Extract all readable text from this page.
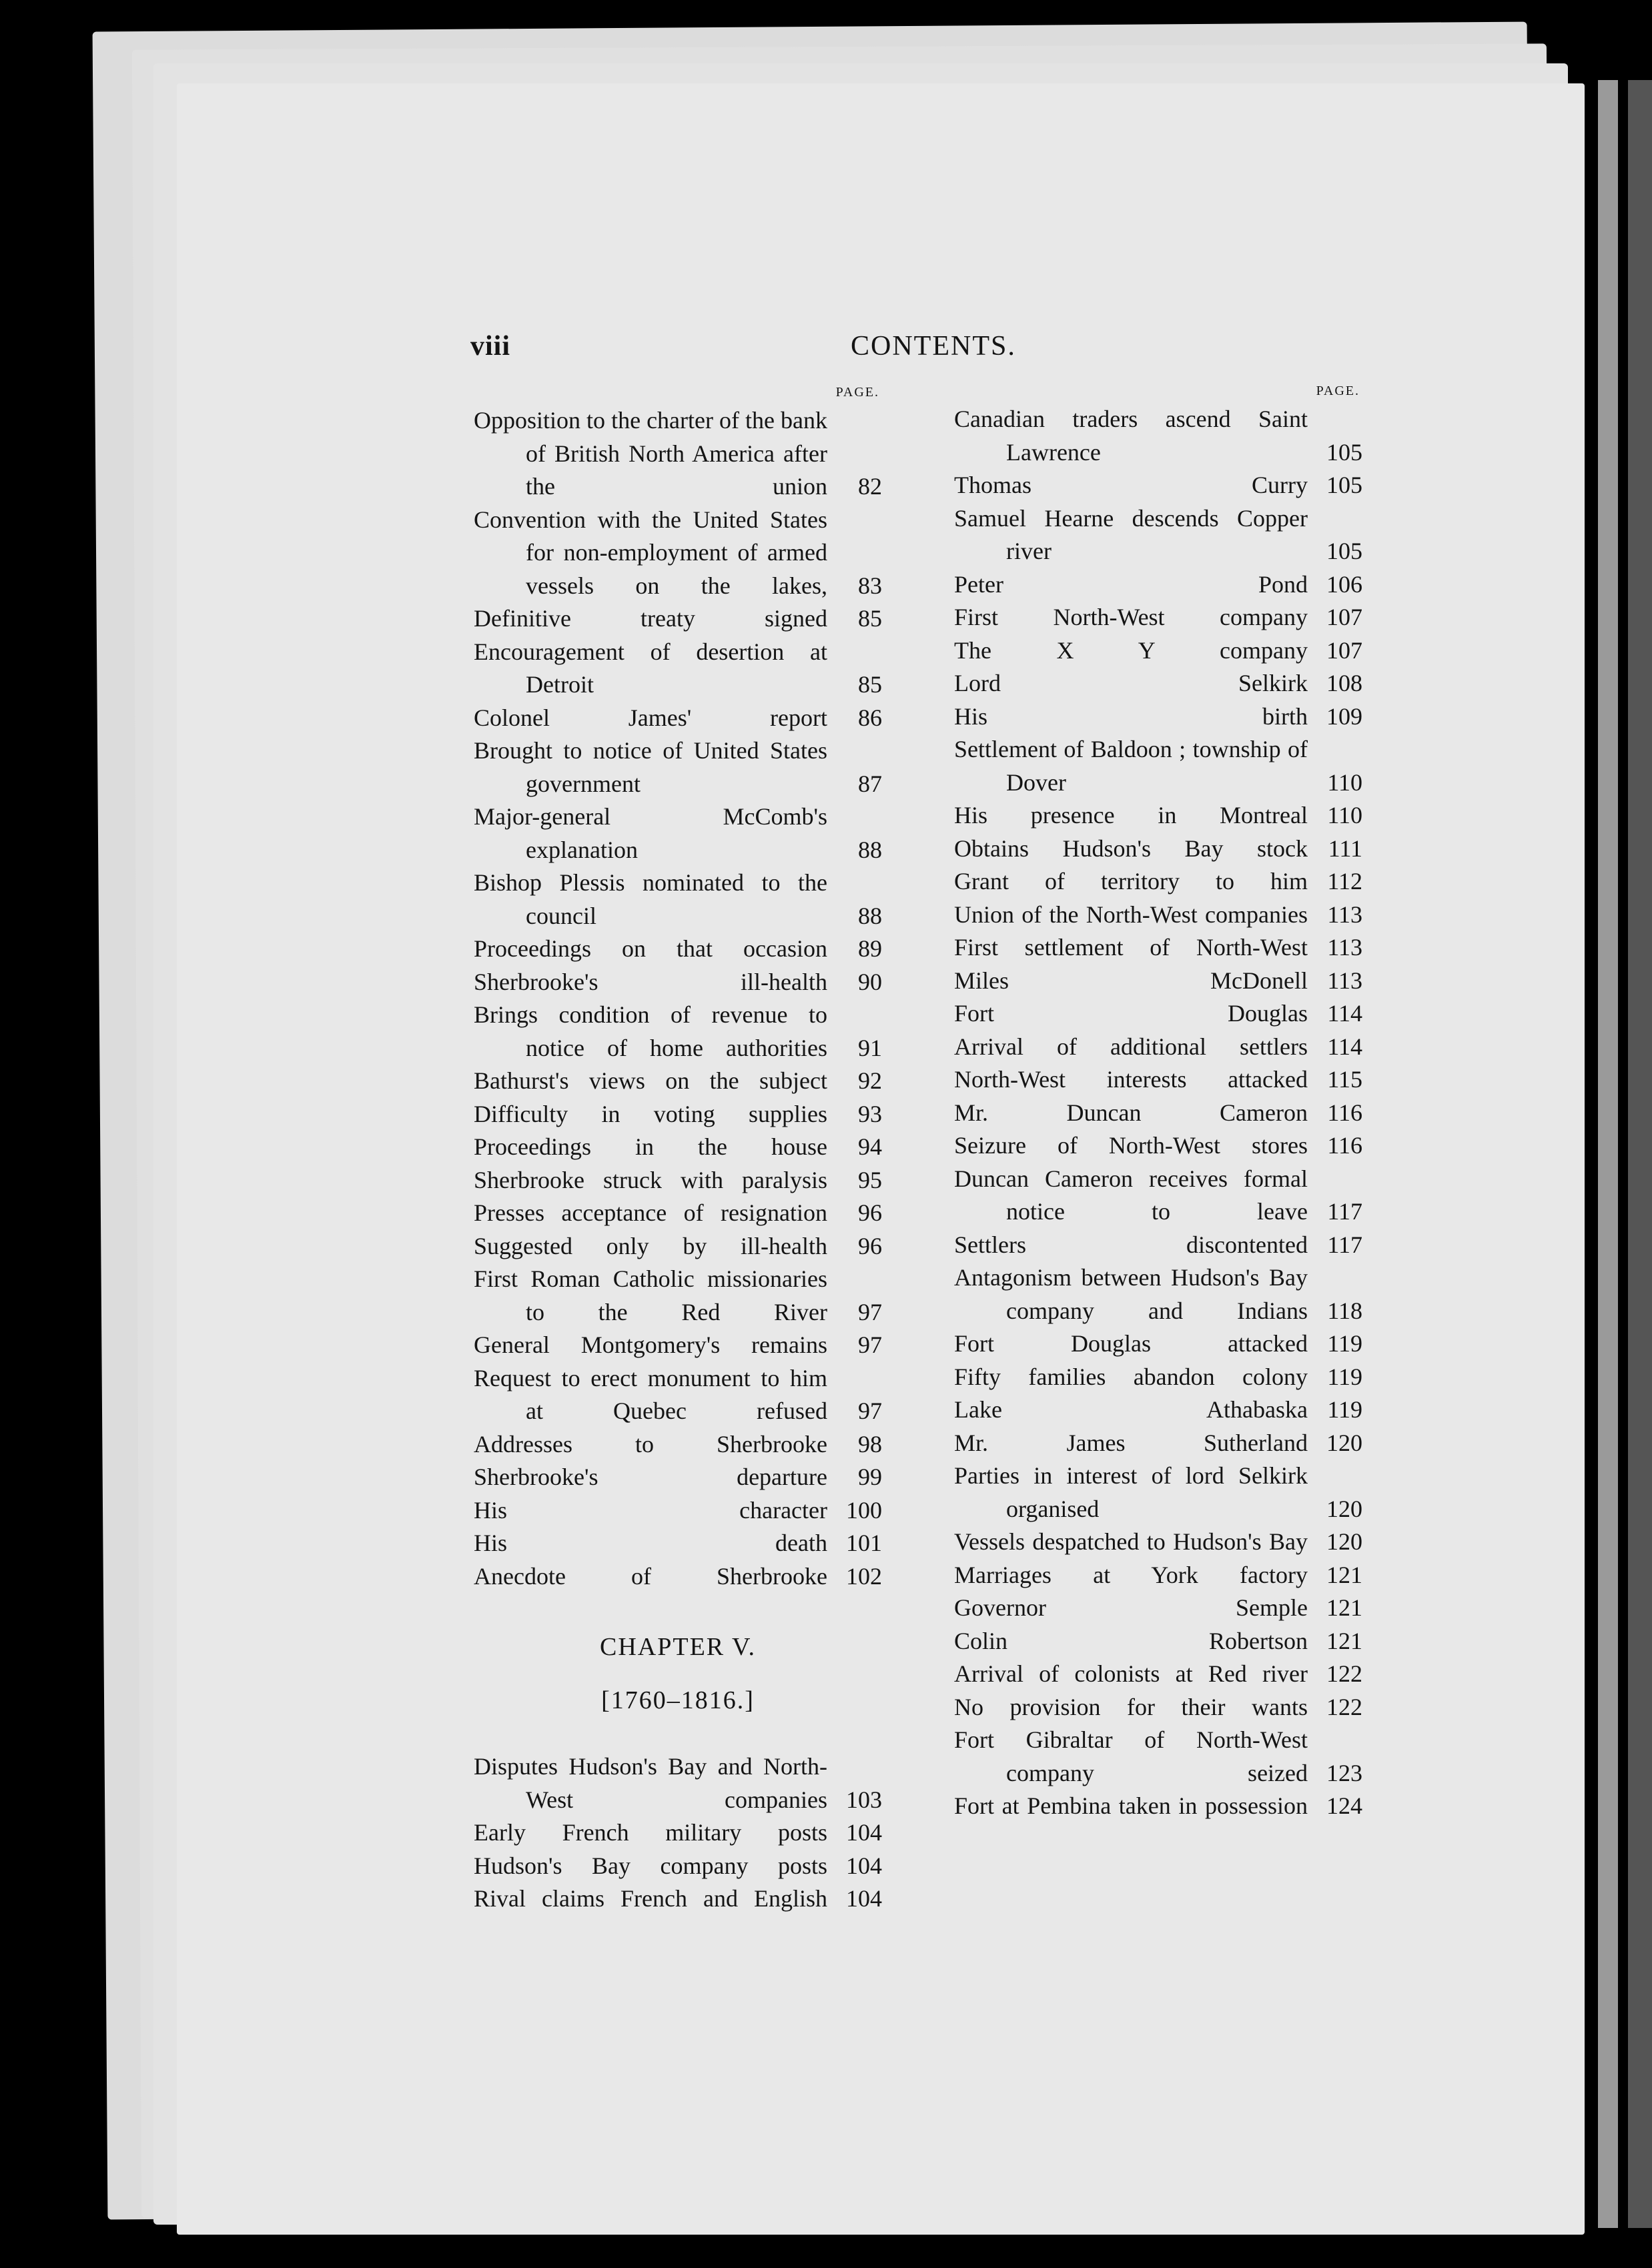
viii	CONTENTS.
PAGE.
Opposition to the charter of the bank of British North America after the union	82
Convention with the United States for non-employment of armed vessels on the lakes,	83
Definitive treaty signed	85
Encouragement of desertion at Detroit	85
Colonel James' report	86
Brought to notice of United States government	87
Major-general McComb's explanation	88
Bishop Plessis nominated to the council	88
Proceedings on that occasion	89
Sherbrooke's ill-health	90
Brings condition of revenue to notice of home authorities	91
Bathurst's views on the subject	92
Difficulty in voting supplies	93
Proceedings in the house	94
Sherbrooke struck with paralysis	95
Presses acceptance of resignation	96
Suggested only by ill-health	96
First Roman Catholic missionaries to the Red River	97
General Montgomery's remains	97
Request to erect monument to him at Quebec refused	97
Addresses to Sherbrooke	98
Sherbrooke's departure	99
His character 100
His death 101
Anecdote of Sherbrooke 102
CHAPTER V.
[1760–1816.]
Disputes Hudson's Bay and North-West companies 103
Early French military posts 104
Hudson's Bay company posts 104
Rival claims French and English 104
PAGE.
Canadian traders ascend Saint Lawrence	105
Thomas Curry 105
Samuel Hearne descends Copper river	105
Peter Pond 106
First North-West company 107
The X Y company 107
Lord Selkirk 108
His birth 109
Settlement of Baldoon ; township of Dover	110
His presence in Montreal 110
Obtains Hudson's Bay stock 111
Grant of territory to him 112
Union of the North-West companies 113
First settlement of North-West 113
Miles McDonell 113
Fort Douglas 114
Arrival of additional settlers 114
North-West interests attacked 115
Mr. Duncan Cameron 116
Seizure of North-West stores 116
Duncan Cameron receives formal notice to leave 117
Settlers discontented 117
Antagonism between Hudson's Bay company and Indians 118
Fort Douglas attacked 119
Fifty families abandon colony 119
Lake Athabaska 119
Mr. James Sutherland 120
Parties in interest of lord Selkirk organised	120
Vessels despatched to Hudson's Bay 120
Marriages at York factory 121
Governor Semple 121
Colin Robertson 121
Arrival of colonists at Red river 122
No provision for their wants 122
Fort Gibraltar of North-West company seized 123
Fort at Pembina taken in possession 124
